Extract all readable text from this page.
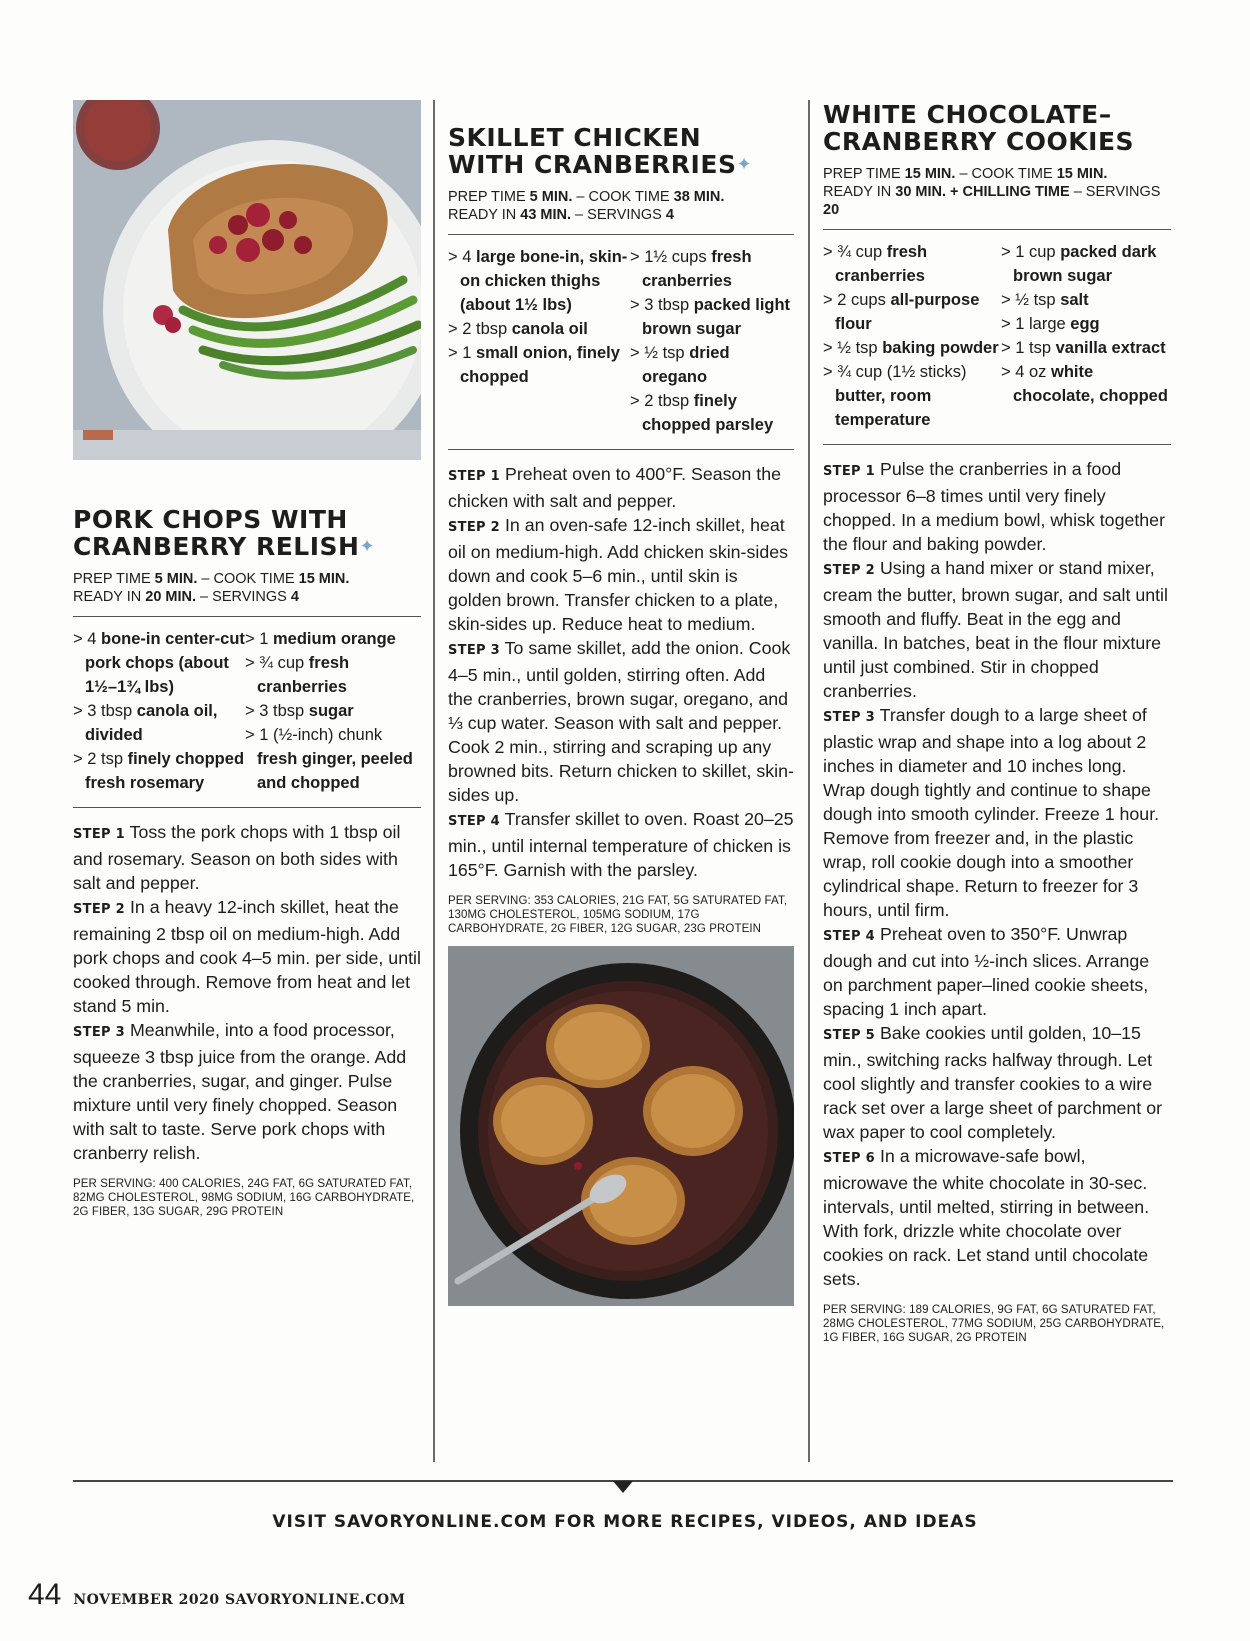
PORK CHOPS WITH
CRANBERRY RELISH✦
PREP TIME 5 MIN. – COOK TIME 15 MIN.
READY IN 20 MIN. – SERVINGS 4
> 4 bone-in center-cut pork chops (about 1½–1¾ lbs)
> 3 tbsp canola oil, divided
> 2 tsp finely chopped fresh rosemary
> 1 medium orange
> ¾ cup fresh cranberries
> 3 tbsp sugar
> 1 (½-inch) chunk fresh ginger, peeled and chopped

STEP 1 Toss the pork chops with 1 tbsp oil and rosemary. Season on both sides with salt and pepper.

STEP 2 In a heavy 12-inch skillet, heat the remaining 2 tbsp oil on medium-high. Add pork chops and cook 4–5 min. per side, until cooked through. Remove from heat and let stand 5 min.

STEP 3 Meanwhile, into a food processor, squeeze 3 tbsp juice from the orange. Add the cranberries, sugar, and ginger. Pulse mixture until very finely chopped. Season with salt to taste. Serve pork chops with cranberry relish.

PER SERVING: 400 CALORIES, 24G FAT, 6G SATURATED FAT, 82MG CHOLESTEROL, 98MG SODIUM, 16G CARBOHYDRATE, 2G FIBER, 13G SUGAR, 29G PROTEIN
SKILLET CHICKEN
WITH CRANBERRIES✦
PREP TIME 5 MIN. – COOK TIME 38 MIN.
READY IN 43 MIN. – SERVINGS 4
> 4 large bone-in, skin-on chicken thighs (about 1½ lbs)
> 2 tbsp canola oil
> 1 small onion, finely chopped
> 1½ cups fresh cranberries
> 3 tbsp packed light brown sugar
> ½ tsp dried oregano
> 2 tbsp finely chopped parsley

STEP 1 Preheat oven to 400°F. Season the chicken with salt and pepper.

STEP 2 In an oven-safe 12-inch skillet, heat oil on medium-high. Add chicken skin-sides down and cook 5–6 min., until skin is golden brown. Transfer chicken to a plate, skin-sides up. Reduce heat to medium.

STEP 3 To same skillet, add the onion. Cook 4–5 min., until golden, stirring often. Add the cranberries, brown sugar, oregano, and ⅓ cup water. Season with salt and pepper. Cook 2 min., stirring and scraping up any browned bits. Return chicken to skillet, skin-sides up.

STEP 4 Transfer skillet to oven. Roast 20–25 min., until internal temperature of chicken is 165°F. Garnish with the parsley.

PER SERVING: 353 CALORIES, 21G FAT, 5G SATURATED FAT, 130MG CHOLESTEROL, 105MG SODIUM, 17G CARBOHYDRATE, 2G FIBER, 12G SUGAR, 23G PROTEIN
WHITE CHOCOLATE–
CRANBERRY COOKIES
PREP TIME 15 MIN. – COOK TIME 15 MIN.
READY IN 30 MIN. + CHILLING TIME – SERVINGS 20
> ¾ cup fresh cranberries
> 2 cups all-purpose flour
> ½ tsp baking powder
> ¾ cup (1½ sticks) butter, room temperature
> 1 cup packed dark brown sugar
> ½ tsp salt
> 1 large egg
> 1 tsp vanilla extract
> 4 oz white chocolate, chopped

STEP 1 Pulse the cranberries in a food processor 6–8 times until very finely chopped. In a medium bowl, whisk together the flour and baking powder.

STEP 2 Using a hand mixer or stand mixer, cream the butter, brown sugar, and salt until smooth and fluffy. Beat in the egg and vanilla. In batches, beat in the flour mixture until just combined. Stir in chopped cranberries.

STEP 3 Transfer dough to a large sheet of plastic wrap and shape into a log about 2 inches in diameter and 10 inches long. Wrap dough tightly and continue to shape dough into smooth cylinder. Freeze 1 hour. Remove from freezer and, in the plastic wrap, roll cookie dough into a smoother cylindrical shape. Return to freezer for 3 hours, until firm.

STEP 4 Preheat oven to 350°F. Unwrap dough and cut into ½-inch slices. Arrange on parchment paper–lined cookie sheets, spacing 1 inch apart.

STEP 5 Bake cookies until golden, 10–15 min., switching racks halfway through. Let cool slightly and transfer cookies to a wire rack set over a large sheet of parchment or wax paper to cool completely.

STEP 6 In a microwave-safe bowl, microwave the white chocolate in 30-sec. intervals, until melted, stirring in between. With fork, drizzle white chocolate over cookies on rack. Let stand until chocolate sets.

PER SERVING: 189 CALORIES, 9G FAT, 6G SATURATED FAT, 28MG CHOLESTEROL, 77MG SODIUM, 25G CARBOHYDRATE, 1G FIBER, 16G SUGAR, 2G PROTEIN
VISIT SAVORYONLINE.COM FOR MORE RECIPES, VIDEOS, AND IDEAS
44 NOVEMBER 2020 SAVORYONLINE.COM
